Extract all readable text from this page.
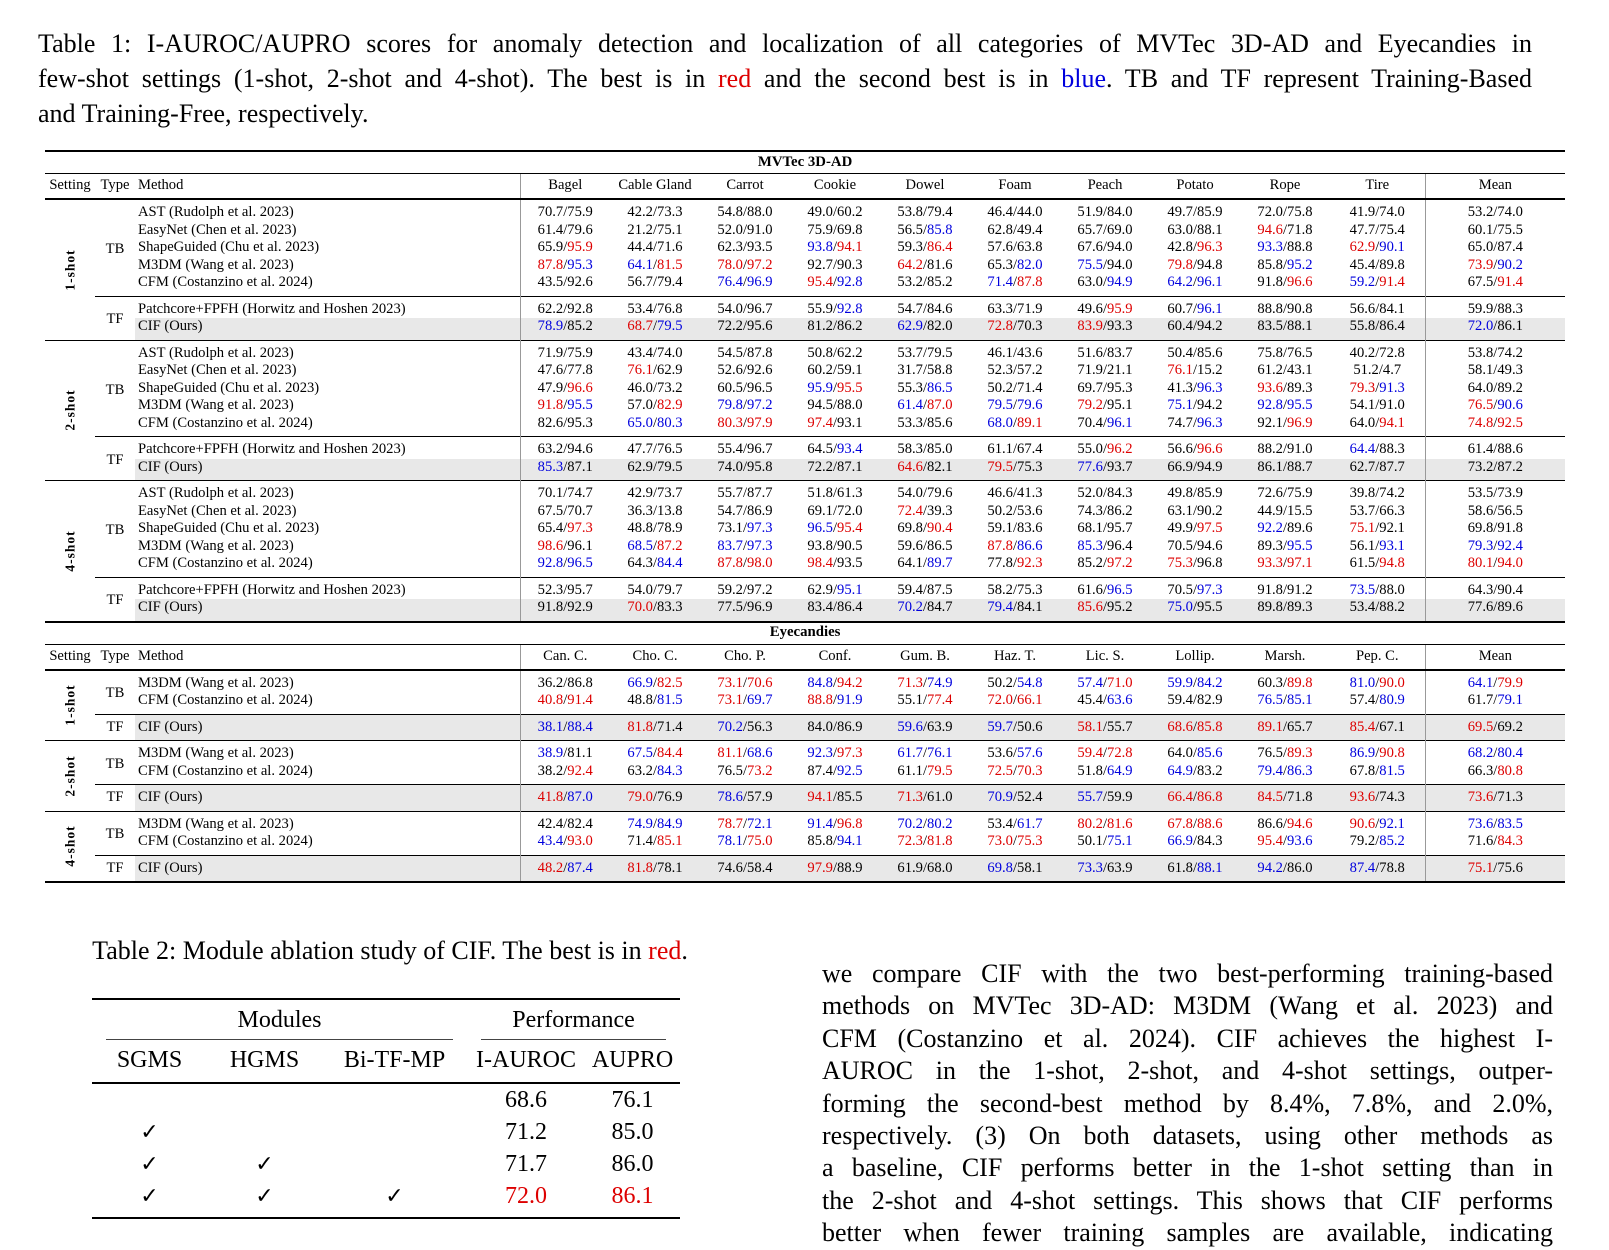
Table 1: I-AUROC/AUPRO scores for anomaly detection and localization of all categories of MVTec 3D-AD and Eyecandies in
few-shot settings (1-shot, 2-shot and 4-shot). The best is in red and the second best is in blue. TB and TF represent Training-Based
and Training-Free, respectively.
MVTec 3D-AD													
Setting	Type	Method	Bagel	Cable Gland	Carrot	Cookie	Dowel	Foam	Peach	Potato	Rope	Tire	Mean

1-shot	TB	AST (Rudolph et al. 2023)	70.7/75.9	42.2/73.3	54.8/88.0	49.0/60.2	53.8/79.4	46.4/44.0	51.9/84.0	49.7/85.9	72.0/75.8	41.9/74.0	53.2/74.0
		EasyNet (Chen et al. 2023)	61.4/79.6	21.2/75.1	52.0/91.0	75.9/69.8	56.5/85.8	62.8/49.4	65.7/69.0	63.0/88.1	94.6/71.8	47.7/75.4	60.1/75.5
		ShapeGuided (Chu et al. 2023)	65.9/95.9	44.4/71.6	62.3/93.5	93.8/94.1	59.3/86.4	57.6/63.8	67.6/94.0	42.8/96.3	93.3/88.8	62.9/90.1	65.0/87.4
		M3DM (Wang et al. 2023)	87.8/95.3	64.1/81.5	78.0/97.2	92.7/90.3	64.2/81.6	65.3/82.0	75.5/94.0	79.8/94.8	85.8/95.2	45.4/89.8	73.9/90.2
		CFM (Costanzino et al. 2024)	43.5/92.6	56.7/79.4	76.4/96.9	95.4/92.8	53.2/85.2	71.4/87.8	63.0/94.9	64.2/96.1	91.8/96.6	59.2/91.4	67.5/91.4
	TF	Patchcore+FPFH (Horwitz and Hoshen 2023)	62.2/92.8	53.4/76.8	54.0/96.7	55.9/92.8	54.7/84.6	63.3/71.9	49.6/95.9	60.7/96.1	88.8/90.8	56.6/84.1	59.9/88.3
		CIF (Ours)	78.9/85.2	68.7/79.5	72.2/95.6	81.2/86.2	62.9/82.0	72.8/70.3	83.9/93.3	60.4/94.2	83.5/88.1	55.8/86.4	72.0/86.1

2-shot	TB	AST (Rudolph et al. 2023)	71.9/75.9	43.4/74.0	54.5/87.8	50.8/62.2	53.7/79.5	46.1/43.6	51.6/83.7	50.4/85.6	75.8/76.5	40.2/72.8	53.8/74.2
		EasyNet (Chen et al. 2023)	47.6/77.8	76.1/62.9	52.6/92.6	60.2/59.1	31.7/58.8	52.3/57.2	71.9/21.1	76.1/15.2	61.2/43.1	51.2/4.7	58.1/49.3
		ShapeGuided (Chu et al. 2023)	47.9/96.6	46.0/73.2	60.5/96.5	95.9/95.5	55.3/86.5	50.2/71.4	69.7/95.3	41.3/96.3	93.6/89.3	79.3/91.3	64.0/89.2
		M3DM (Wang et al. 2023)	91.8/95.5	57.0/82.9	79.8/97.2	94.5/88.0	61.4/87.0	79.5/79.6	79.2/95.1	75.1/94.2	92.8/95.5	54.1/91.0	76.5/90.6
		CFM (Costanzino et al. 2024)	82.6/95.3	65.0/80.3	80.3/97.9	97.4/93.1	53.3/85.6	68.0/89.1	70.4/96.1	74.7/96.3	92.1/96.9	64.0/94.1	74.8/92.5
	TF	Patchcore+FPFH (Horwitz and Hoshen 2023)	63.2/94.6	47.7/76.5	55.4/96.7	64.5/93.4	58.3/85.0	61.1/67.4	55.0/96.2	56.6/96.6	88.2/91.0	64.4/88.3	61.4/88.6
		CIF (Ours)	85.3/87.1	62.9/79.5	74.0/95.8	72.2/87.1	64.6/82.1	79.5/75.3	77.6/93.7	66.9/94.9	86.1/88.7	62.7/87.7	73.2/87.2

4-shot	TB	AST (Rudolph et al. 2023)	70.1/74.7	42.9/73.7	55.7/87.7	51.8/61.3	54.0/79.6	46.6/41.3	52.0/84.3	49.8/85.9	72.6/75.9	39.8/74.2	53.5/73.9
		EasyNet (Chen et al. 2023)	67.5/70.7	36.3/13.8	54.7/86.9	69.1/72.0	72.4/39.3	50.2/53.6	74.3/86.2	63.1/90.2	44.9/15.5	53.7/66.3	58.6/56.5
		ShapeGuided (Chu et al. 2023)	65.4/97.3	48.8/78.9	73.1/97.3	96.5/95.4	69.8/90.4	59.1/83.6	68.1/95.7	49.9/97.5	92.2/89.6	75.1/92.1	69.8/91.8
		M3DM (Wang et al. 2023)	98.6/96.1	68.5/87.2	83.7/97.3	93.8/90.5	59.6/86.5	87.8/86.6	85.3/96.4	70.5/94.6	89.3/95.5	56.1/93.1	79.3/92.4
		CFM (Costanzino et al. 2024)	92.8/96.5	64.3/84.4	87.8/98.0	98.4/93.5	64.1/89.7	77.8/92.3	85.2/97.2	75.3/96.8	93.3/97.1	61.5/94.8	80.1/94.0
	TF	Patchcore+FPFH (Horwitz and Hoshen 2023)	52.3/95.7	54.0/79.7	59.2/97.2	62.9/95.1	59.4/87.5	58.2/75.3	61.6/96.5	70.5/97.3	91.8/91.2	73.5/88.0	64.3/90.4
		CIF (Ours)	91.8/92.9	70.0/83.3	77.5/96.9	83.4/86.4	70.2/84.7	79.4/84.1	85.6/95.2	75.0/95.5	89.8/89.3	53.4/88.2	77.6/89.6
Eyecandies													
Setting	Type	Method	Can. C.	Cho. C.	Cho. P.	Conf.	Gum. B.	Haz. T.	Lic. S.	Lollip.	Marsh.	Pep. C.	Mean

1-shot	TB	M3DM (Wang et al. 2023)	36.2/86.8	66.9/82.5	73.1/70.6	84.8/94.2	71.3/74.9	50.2/54.8	57.4/71.0	59.9/84.2	60.3/89.8	81.0/90.0	64.1/79.9
		CFM (Costanzino et al. 2024)	40.8/91.4	48.8/81.5	73.1/69.7	88.8/91.9	55.1/77.4	72.0/66.1	45.4/63.6	59.4/82.9	76.5/85.1	57.4/80.9	61.7/79.1
	TF	CIF (Ours)	38.1/88.4	81.8/71.4	70.2/56.3	84.0/86.9	59.6/63.9	59.7/50.6	58.1/55.7	68.6/85.8	89.1/65.7	85.4/67.1	69.5/69.2

2-shot	TB	M3DM (Wang et al. 2023)	38.9/81.1	67.5/84.4	81.1/68.6	92.3/97.3	61.7/76.1	53.6/57.6	59.4/72.8	64.0/85.6	76.5/89.3	86.9/90.8	68.2/80.4
		CFM (Costanzino et al. 2024)	38.2/92.4	63.2/84.3	76.5/73.2	87.4/92.5	61.1/79.5	72.5/70.3	51.8/64.9	64.9/83.2	79.4/86.3	67.8/81.5	66.3/80.8
	TF	CIF (Ours)	41.8/87.0	79.0/76.9	78.6/57.9	94.1/85.5	71.3/61.0	70.9/52.4	55.7/59.9	66.4/86.8	84.5/71.8	93.6/74.3	73.6/71.3

4-shot	TB	M3DM (Wang et al. 2023)	42.4/82.4	74.9/84.9	78.7/72.1	91.4/96.8	70.2/80.2	53.4/61.7	80.2/81.6	67.8/88.6	86.6/94.6	90.6/92.1	73.6/83.5
		CFM (Costanzino et al. 2024)	43.4/93.0	71.4/85.1	78.1/75.0	85.8/94.1	72.3/81.8	73.0/75.3	50.1/75.1	66.9/84.3	95.4/93.6	79.2/85.2	71.6/84.3
	TF	CIF (Ours)	48.2/87.4	81.8/78.1	74.6/58.4	97.9/88.9	61.9/68.0	69.8/58.1	73.3/63.9	61.8/88.1	94.2/86.0	87.4/78.8	75.1/75.6
Table 2: Module ablation study of CIF. The best is in red.
Modules			Performance	

SGMS	HGMS	Bi-TF-MP	I-AUROC	AUPRO
			68.6	76.1
✓			71.2	85.0
✓	✓		71.7	86.0
✓	✓	✓	72.0	86.1
we compare CIF with the two best-performing training-based
methods on MVTec 3D-AD: M3DM (Wang et al. 2023) and
CFM (Costanzino et al. 2024). CIF achieves the highest I-
AUROC in the 1-shot, 2-shot, and 4-shot settings, outper-
forming the second-best method by 8.4%, 7.8%, and 2.0%,
respectively. (3) On both datasets, using other methods as
a baseline, CIF performs better in the 1-shot setting than in
the 2-shot and 4-shot settings. This shows that CIF performs
better when fewer training samples are available, indicating
